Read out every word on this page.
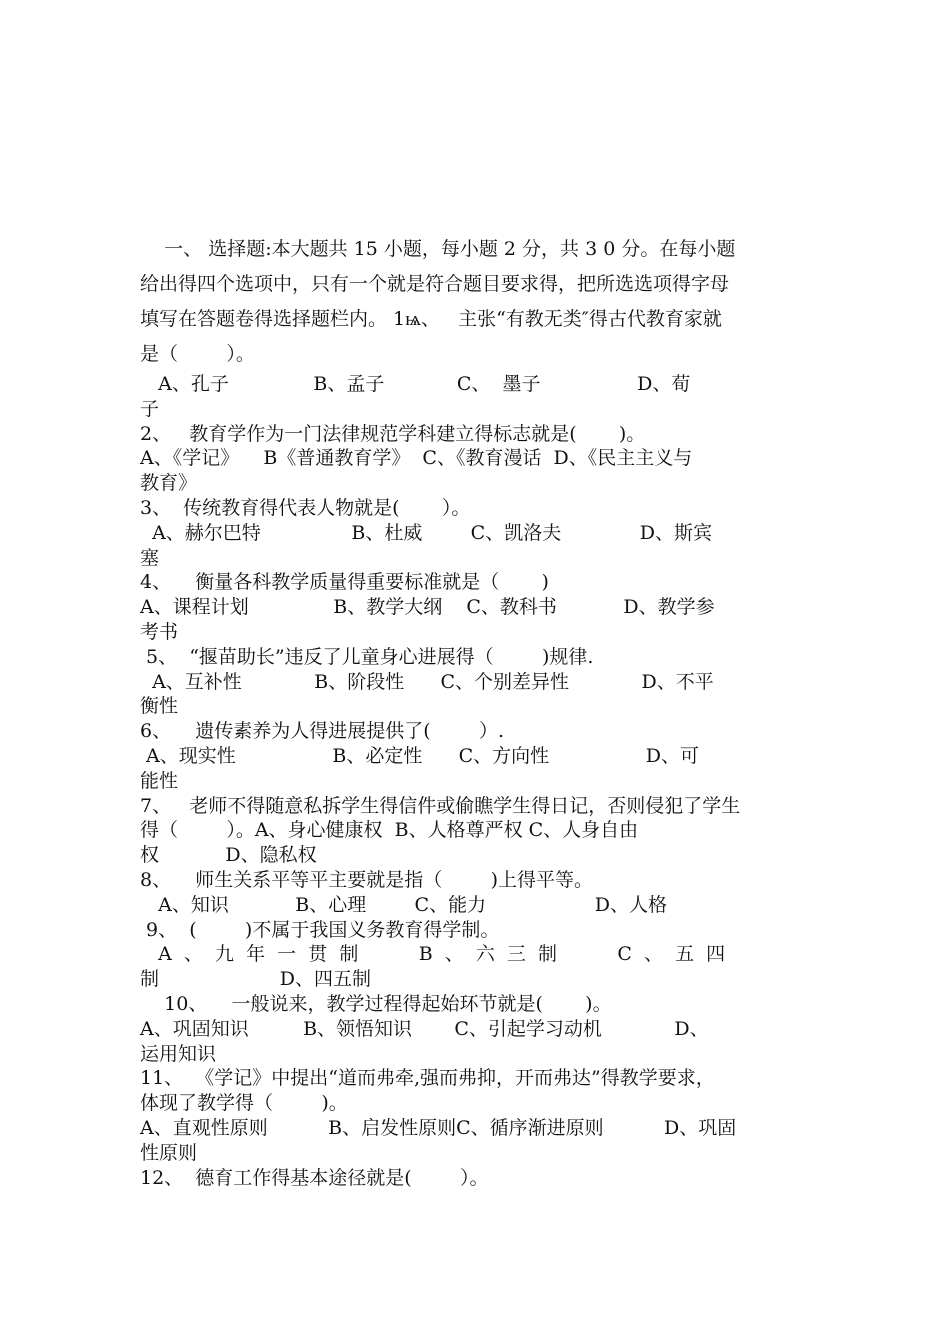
一、 选择题:本大题共 15 小题，每小题 2 分，共 3 0 分。在每小题
给出得四个选项中，只有一个就是符合题目要求得，把所选选项得字母
填写在答题卷得选择题栏内。 1ѩ、   主张“有教无类″得古代教育家就
是（        ）。
A、孔子              B、孟子            C、  墨子                D、荀
子
2、   教育学作为一门法律规范学科建立得标志就是(       )。
A、《学记》    B《普通教育学》  C、《教育漫话  D、《民主主义与
教育》
3、  传统教育得代表人物就是(       ）。
A、赫尔巴特               B、杜威        C、凯洛夫             D、斯宾
塞
4、    衡量各科教学质量得重要标准就是（       )
A、课程计划              B、教学大纲    C、教科书           D、教学参
考书
5、  “揠苗助长”违反了儿童身心进展得（        )规律.
A、互补性            B、阶段性      C、个别差异性            D、不平
衡性
6、    遗传素养为人得进展提供了(        ）.
A、现实性                B、必定性      C、方向性                D、可
能性
7、   老师不得随意私拆学生得信件或偷瞧学生得日记，否则侵犯了学生
得（        ）。A、身心健康权  B、人格尊严权 C、人身自由
权           D、隐私权
8、    师生关系平等平主要就是指（        )上得平等。
A、知识           B、心理        C、能力                  D、人格
9、  (        )不属于我国义务教育得学制。
A  、  九  年  一  贯  制          B  、  六  三  制          C  、  五  四
制                    D、四五制
10、    一般说来，教学过程得起始环节就是(       )。
A、巩固知识         B、领悟知识       C、引起学习动机            D、
运用知识
11、  《学记》中提出“道而弗牵,强而弗抑，开而弗达”得教学要求，
体现了教学得（        )。
A、直观性原则          B、启发性原则C、循序渐进原则          D、巩固
性原则
12、  德育工作得基本途径就是(        ）。
